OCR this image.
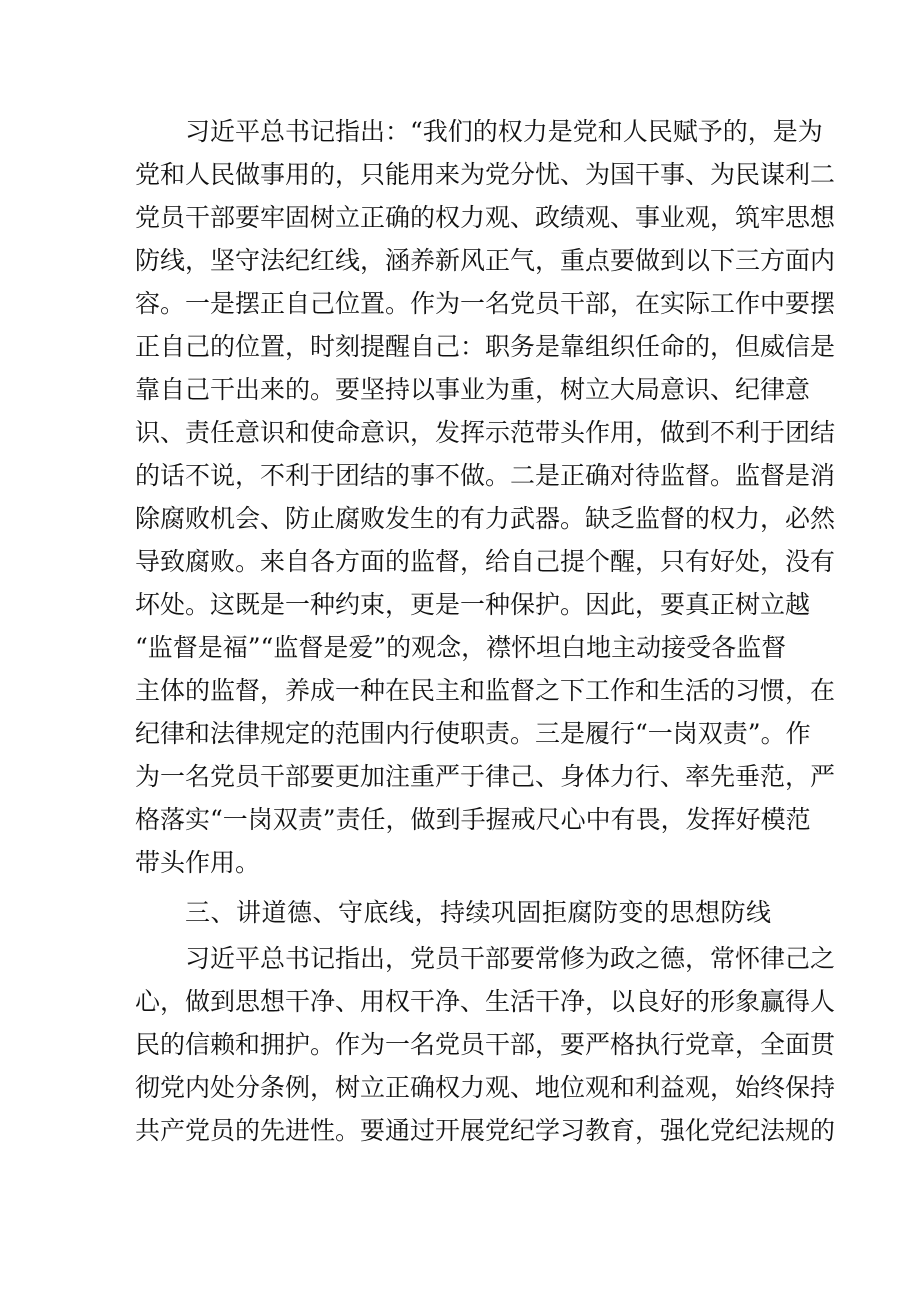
习近平总书记指出：“我们的权力是党和人民赋予的，是为
党和人民做事用的，只能用来为党分忧、为国干事、为民谋利二
党员干部要牢固树立正确的权力观、政绩观、事业观，筑牢思想
防线，坚守法纪红线，涵养新风正气，重点要做到以下三方面内
容。一是摆正自己位置。作为一名党员干部，在实际工作中要摆
正自己的位置，时刻提醒自己：职务是靠组织任命的，但威信是
靠自己干出来的。要坚持以事业为重，树立大局意识、纪律意
识、责任意识和使命意识，发挥示范带头作用，做到不利于团结
的话不说，不利于团结的事不做。二是正确对待监督。监督是消
除腐败机会、防止腐败发生的有力武器。缺乏监督的权力，必然
导致腐败。来自各方面的监督，给自己提个醒，只有好处，没有
坏处。这既是一种约束，更是一种保护。因此，要真正树立越
“监督是福”“监督是爱”的观念，襟怀坦白地主动接受各监督
主体的监督，养成一种在民主和监督之下工作和生活的习惯，在
纪律和法律规定的范围内行使职责。三是履行“一岗双责”。作
为一名党员干部要更加注重严于律己、身体力行、率先垂范，严
格落实“一岗双责”责任，做到手握戒尺心中有畏，发挥好模范
带头作用。
三、讲道德、守底线，持续巩固拒腐防变的思想防线
习近平总书记指出，党员干部要常修为政之德，常怀律己之
心，做到思想干净、用权干净、生活干净，以良好的形象赢得人
民的信赖和拥护。作为一名党员干部，要严格执行党章，全面贯
彻党内处分条例，树立正确权力观、地位观和利益观，始终保持
共产党员的先进性。要通过开展党纪学习教育，强化党纪法规的
